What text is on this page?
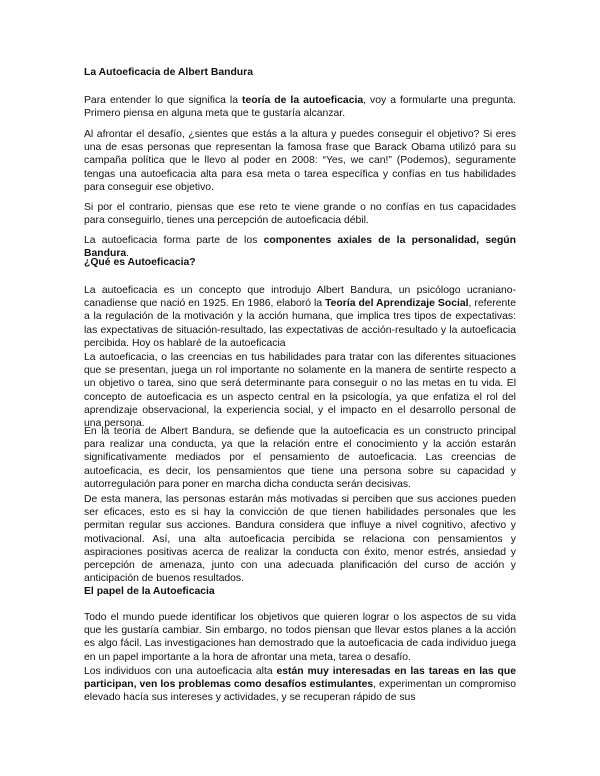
La Autoeficacia de Albert Bandura

Para entender lo que significa la teoría de la autoeficacia, voy a formularte una pregunta. Primero piensa en alguna meta que te gustaría alcanzar.

Al afrontar el desafío, ¿sientes que estás a la altura y puedes conseguir el objetivo? Si eres una de esas personas que representan la famosa frase que Barack Obama utilizó para su campaña política que le llevo al poder en 2008: “Yes, we can!” (Podemos), seguramente tengas una autoeficacia alta para esa meta o tarea específica y confías en tus habilidades para conseguir ese objetivo.

Si por el contrario, piensas que ese reto te viene grande o no confías en tus capacidades para conseguirlo, tienes una percepción de autoeficacia débil.

La autoeficacia forma parte de los componentes axiales de la personalidad, según Bandura.

¿Qué es Autoeficacia?

La autoeficacia es un concepto que introdujo Albert Bandura, un psicólogo ucraniano-canadiense que nació en 1925. En 1986, elaboró la Teoría del Aprendizaje Social, referente a la regulación de la motivación y la acción humana, que implica tres tipos de expectativas: las expectativas de situación-resultado, las expectativas de acción-resultado y la autoeficacia percibida. Hoy os hablaré de la autoeficacia

La autoeficacia, o las creencias en tus habilidades para tratar con las diferentes situaciones que se presentan, juega un rol importante no solamente en la manera de sentirte respecto a un objetivo o tarea, sino que será determinante para conseguir o no las metas en tu vida. El concepto de autoeficacia es un aspecto central en la psicología, ya que enfatiza el rol del aprendizaje observacional, la experiencia social, y el impacto en el desarrollo personal de una persona.

En la teoría de Albert Bandura, se defiende que la autoeficacia es un constructo principal para realizar una conducta, ya que la relación entre el conocimiento y la acción estarán significativamente mediados por el pensamiento de autoeficacia. Las creencias de autoeficacia, es decir, los pensamientos que tiene una persona sobre su capacidad y autorregulación para poner en marcha dicha conducta serán decisivas.

De esta manera, las personas estarán más motivadas si perciben que sus acciones pueden ser eficaces, esto es si hay la convicción de que tienen habilidades personales que les permitan regular sus acciones. Bandura considera que influye a nivel cognitivo, afectivo y motivacional. Así, una alta autoeficacia percibida se relaciona con pensamientos y aspiraciones positivas acerca de realizar la conducta con éxito, menor estrés, ansiedad y percepción de amenaza, junto con una adecuada planificación del curso de acción y anticipación de buenos resultados.

El papel de la Autoeficacia

Todo el mundo puede identificar los objetivos que quieren lograr o los aspectos de su vida que les gustaría cambiar. Sin embargo, no todos piensan que llevar estos planes a la acción es algo fácil. Las investigaciones han demostrado que la autoeficacia de cada individuo juega en un papel importante a la hora de afrontar una meta, tarea o desafío.

Los individuos con una autoeficacia alta están muy interesadas en las tareas en las que participan, ven los problemas como desafíos estimulantes, experimentan un compromiso elevado hacía sus intereses y actividades, y se recuperan rápido de sus
